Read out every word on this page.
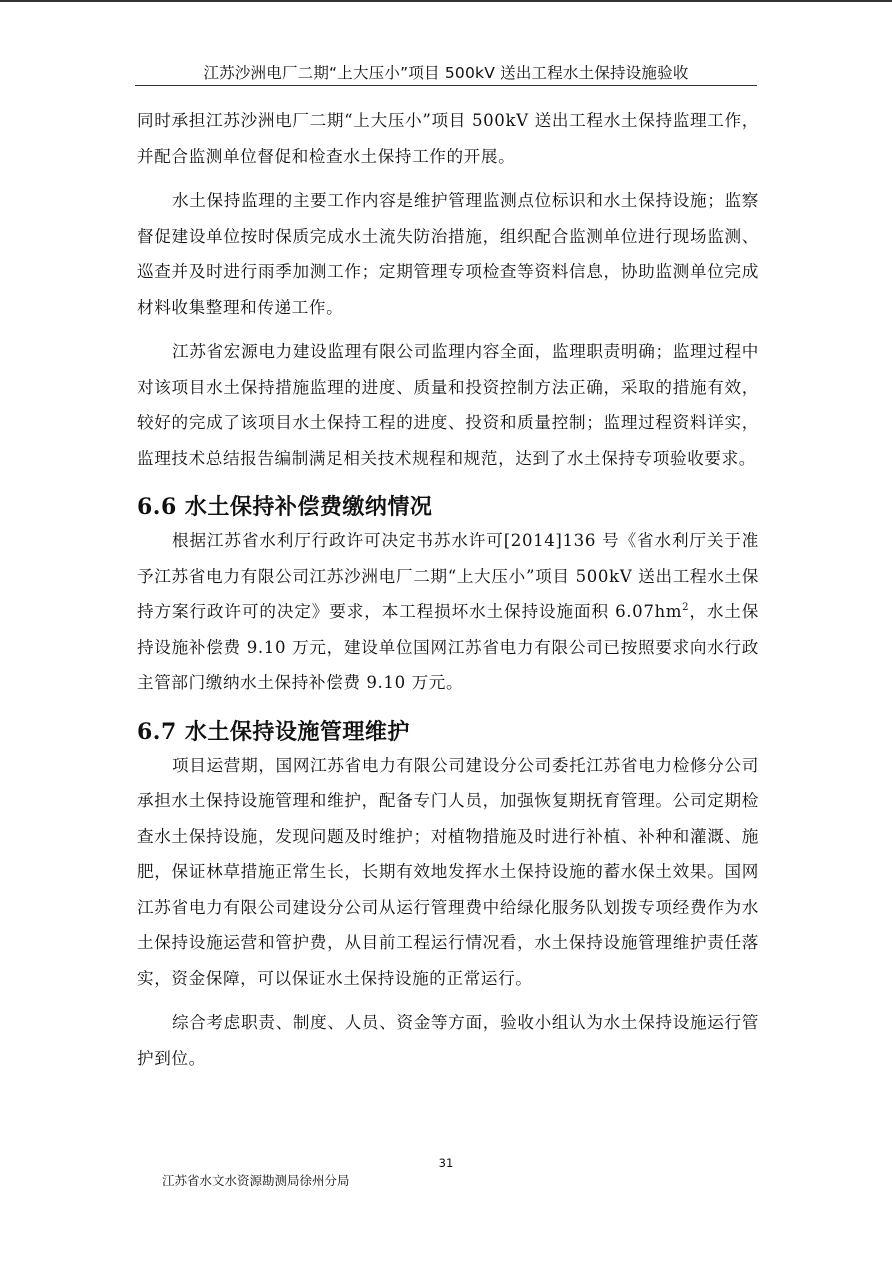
江苏沙洲电厂二期“上大压小”项目 500kV 送出工程水土保持设施验收

同时承担江苏沙洲电厂二期“上大压小”项目 500kV 送出工程水土保持监理工作，并配合监测单位督促和检查水土保持工作的开展。

水土保持监理的主要工作内容是维护管理监测点位标识和水土保持设施；监察督促建设单位按时保质完成水土流失防治措施，组织配合监测单位进行现场监测、巡查并及时进行雨季加测工作；定期管理专项检查等资料信息，协助监测单位完成材料收集整理和传递工作。

江苏省宏源电力建设监理有限公司监理内容全面，监理职责明确；监理过程中对该项目水土保持措施监理的进度、质量和投资控制方法正确，采取的措施有效，较好的完成了该项目水土保持工程的进度、投资和质量控制；监理过程资料详实，监理技术总结报告编制满足相关技术规程和规范，达到了水土保持专项验收要求。

6.6 水土保持补偿费缴纳情况

根据江苏省水利厅行政许可决定书苏水许可[2014]136 号《省水利厅关于准予江苏省电力有限公司江苏沙洲电厂二期“上大压小”项目 500kV 送出工程水土保持方案行政许可的决定》要求，本工程损坏水土保持设施面积 $6.07hm^2$，水土保持设施补偿费 9.10 万元，建设单位国网江苏省电力有限公司已按照要求向水行政主管部门缴纳水土保持补偿费 9.10 万元。

6.7 水土保持设施管理维护

项目运营期，国网江苏省电力有限公司建设分公司委托江苏省电力检修分公司承担水土保持设施管理和维护，配备专门人员，加强恢复期抚育管理。公司定期检查水土保持设施，发现问题及时维护；对植物措施及时进行补植、补种和灌溉、施肥，保证林草措施正常生长，长期有效地发挥水土保持设施的蓄水保土效果。国网江苏省电力有限公司建设分公司从运行管理费中给绿化服务队划拨专项经费作为水土保持设施运营和管护费，从目前工程运行情况看，水土保持设施管理维护责任落实，资金保障，可以保证水土保持设施的正常运行。

综合考虑职责、制度、人员、资金等方面，验收小组认为水土保持设施运行管护到位。

31
江苏省水文水资源勘测局徐州分局
